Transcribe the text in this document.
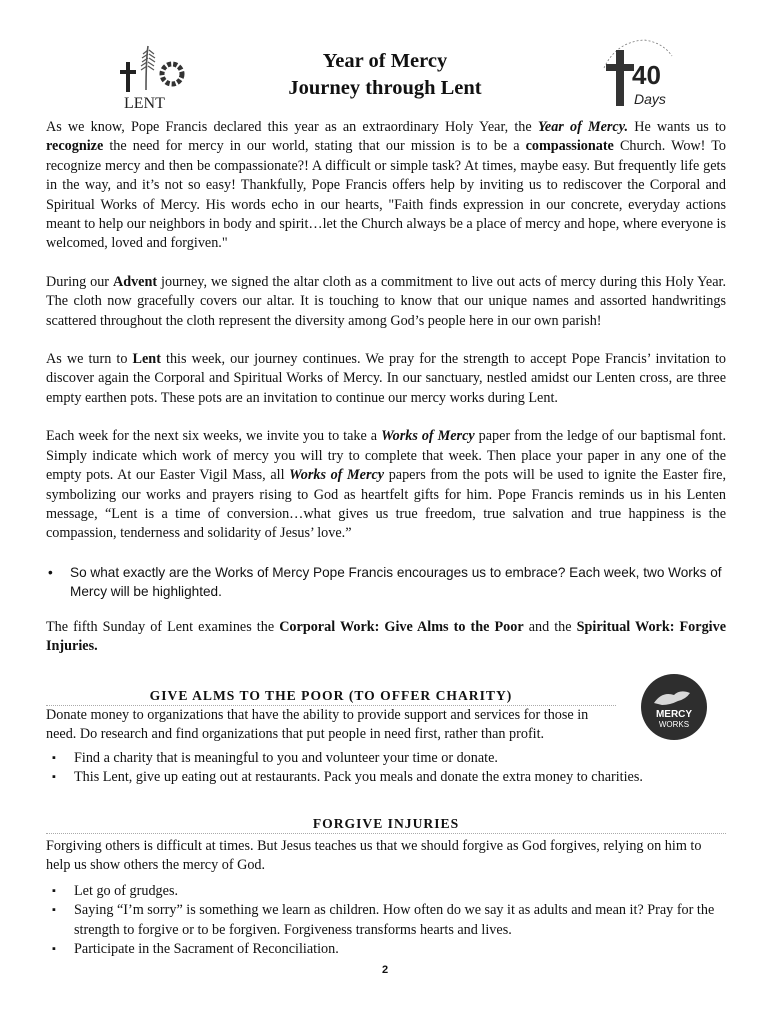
LENT
40
Days
Year of Mercy
Journey through Lent

As we know, Pope Francis declared this year as an extraordinary Holy Year, the Year of Mercy. He wants us to recognize the need for mercy in our world, stating that our mission is to be a compassionate Church. Wow! To recognize mercy and then be compassionate?! A difficult or simple task? At times, maybe easy. But frequently life gets in the way, and it’s not so easy! Thankfully, Pope Francis offers help by inviting us to rediscover the Corporal and Spiritual Works of Mercy. His words echo in our hearts, "Faith finds expression in our concrete, everyday actions meant to help our neighbors in body and spirit…let the Church always be a place of mercy and hope, where everyone is welcomed, loved and forgiven."

During our Advent journey, we signed the altar cloth as a commitment to live out acts of mercy during this Holy Year. The cloth now gracefully covers our altar. It is touching to know that our unique names and assorted handwritings scattered throughout the cloth represent the diversity among God’s people here in our own parish!

As we turn to Lent this week, our journey continues. We pray for the strength to accept Pope Francis’ invitation to discover again the Corporal and Spiritual Works of Mercy. In our sanctuary, nestled amidst our Lenten cross, are three empty earthen pots. These pots are an invitation to continue our mercy works during Lent.

Each week for the next six weeks, we invite you to take a Works of Mercy paper from the ledge of our baptismal font. Simply indicate which work of mercy you will try to complete that week. Then place your paper in any one of the empty pots. At our Easter Vigil Mass, all Works of Mercy papers from the pots will be used to ignite the Easter fire, symbolizing our works and prayers rising to God as heartfelt gifts for him. Pope Francis reminds us in his Lenten message, “Lent is a time of conversion…what gives us true freedom, true salvation and true happiness is the compassion, tenderness and solidarity of Jesus’ love.”

•	So what exactly are the Works of Mercy Pope Francis encourages us to embrace? Each week, two Works of Mercy will be highlighted.

The fifth Sunday of Lent examines the Corporal Work: Give Alms to the Poor and the Spiritual Work: Forgive Injuries.

GIVE ALMS TO THE POOR (TO OFFER CHARITY)

Donate money to organizations that have the ability to provide support and services for those in need. Do research and find organizations that put people in need first, rather than profit.

▪ Find a charity that is meaningful to you and volunteer your time or donate.
▪ This Lent, give up eating out at restaurants. Pack you meals and donate the extra money to charities.
MERCY
WORKS
FORGIVE INJURIES

Forgiving others is difficult at times. But Jesus teaches us that we should forgive as God forgives, relying on him to help us show others the mercy of God.

▪ Let go of grudges.
▪ Saying “I’m sorry” is something we learn as children. How often do we say it as adults and mean it? Pray for the strength to forgive or to be forgiven. Forgiveness transforms hearts and lives.
▪ Participate in the Sacrament of Reconciliation.
2
